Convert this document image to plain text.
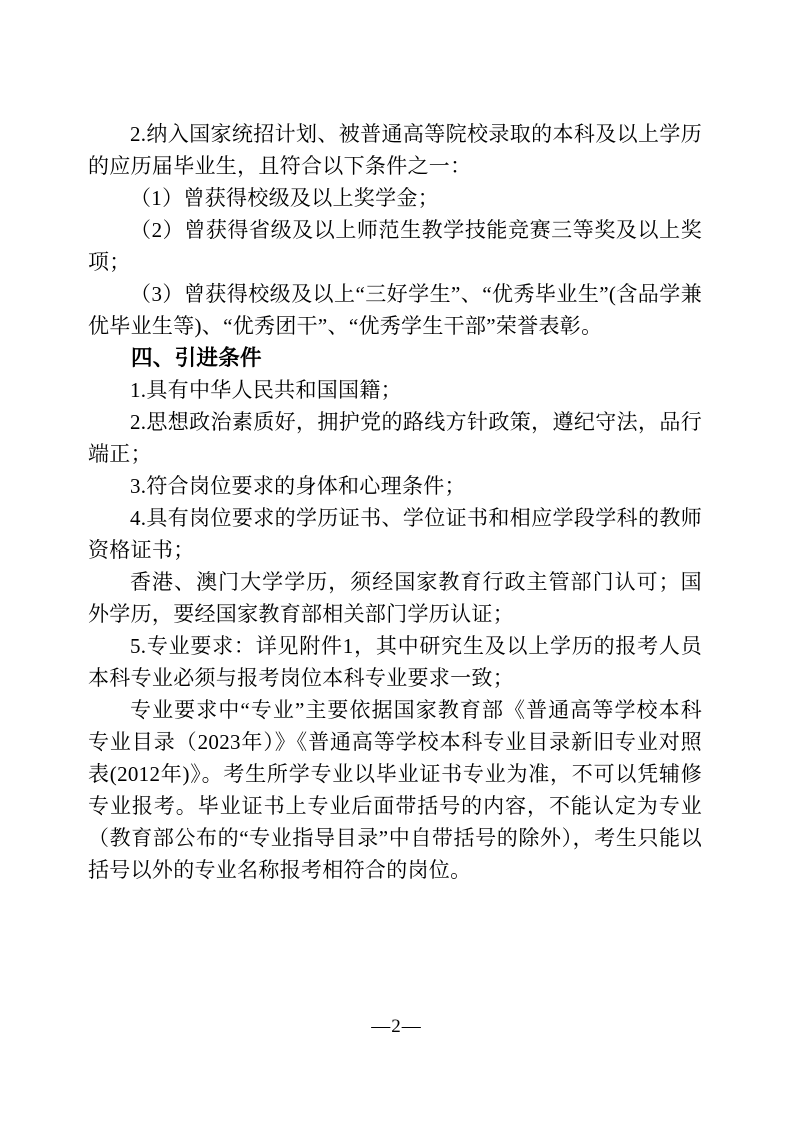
2.纳入国家统招计划、被普通高等院校录取的本科及以上学历的应历届毕业生，且符合以下条件之一：

（1）曾获得校级及以上奖学金；

（2）曾获得省级及以上师范生教学技能竞赛三等奖及以上奖项；

（3）曾获得校级及以上“三好学生”、“优秀毕业生”(含品学兼优毕业生等)、“优秀团干”、“优秀学生干部”荣誉表彰。

四、引进条件

1.具有中华人民共和国国籍；

2.思想政治素质好，拥护党的路线方针政策，遵纪守法，品行端正；

3.符合岗位要求的身体和心理条件；

4.具有岗位要求的学历证书、学位证书和相应学段学科的教师资格证书；

香港、澳门大学学历，须经国家教育行政主管部门认可；国外学历，要经国家教育部相关部门学历认证；

5.专业要求：详见附件1，其中研究生及以上学历的报考人员本科专业必须与报考岗位本科专业要求一致；

专业要求中“专业”主要依据国家教育部《普通高等学校本科专业目录（2023年）》《普通高等学校本科专业目录新旧专业对照表(2012年)》。考生所学专业以毕业证书专业为准，不可以凭辅修专业报考。毕业证书上专业后面带括号的内容，不能认定为专业（教育部公布的“专业指导目录”中自带括号的除外），考生只能以括号以外的专业名称报考相符合的岗位。

—2—
